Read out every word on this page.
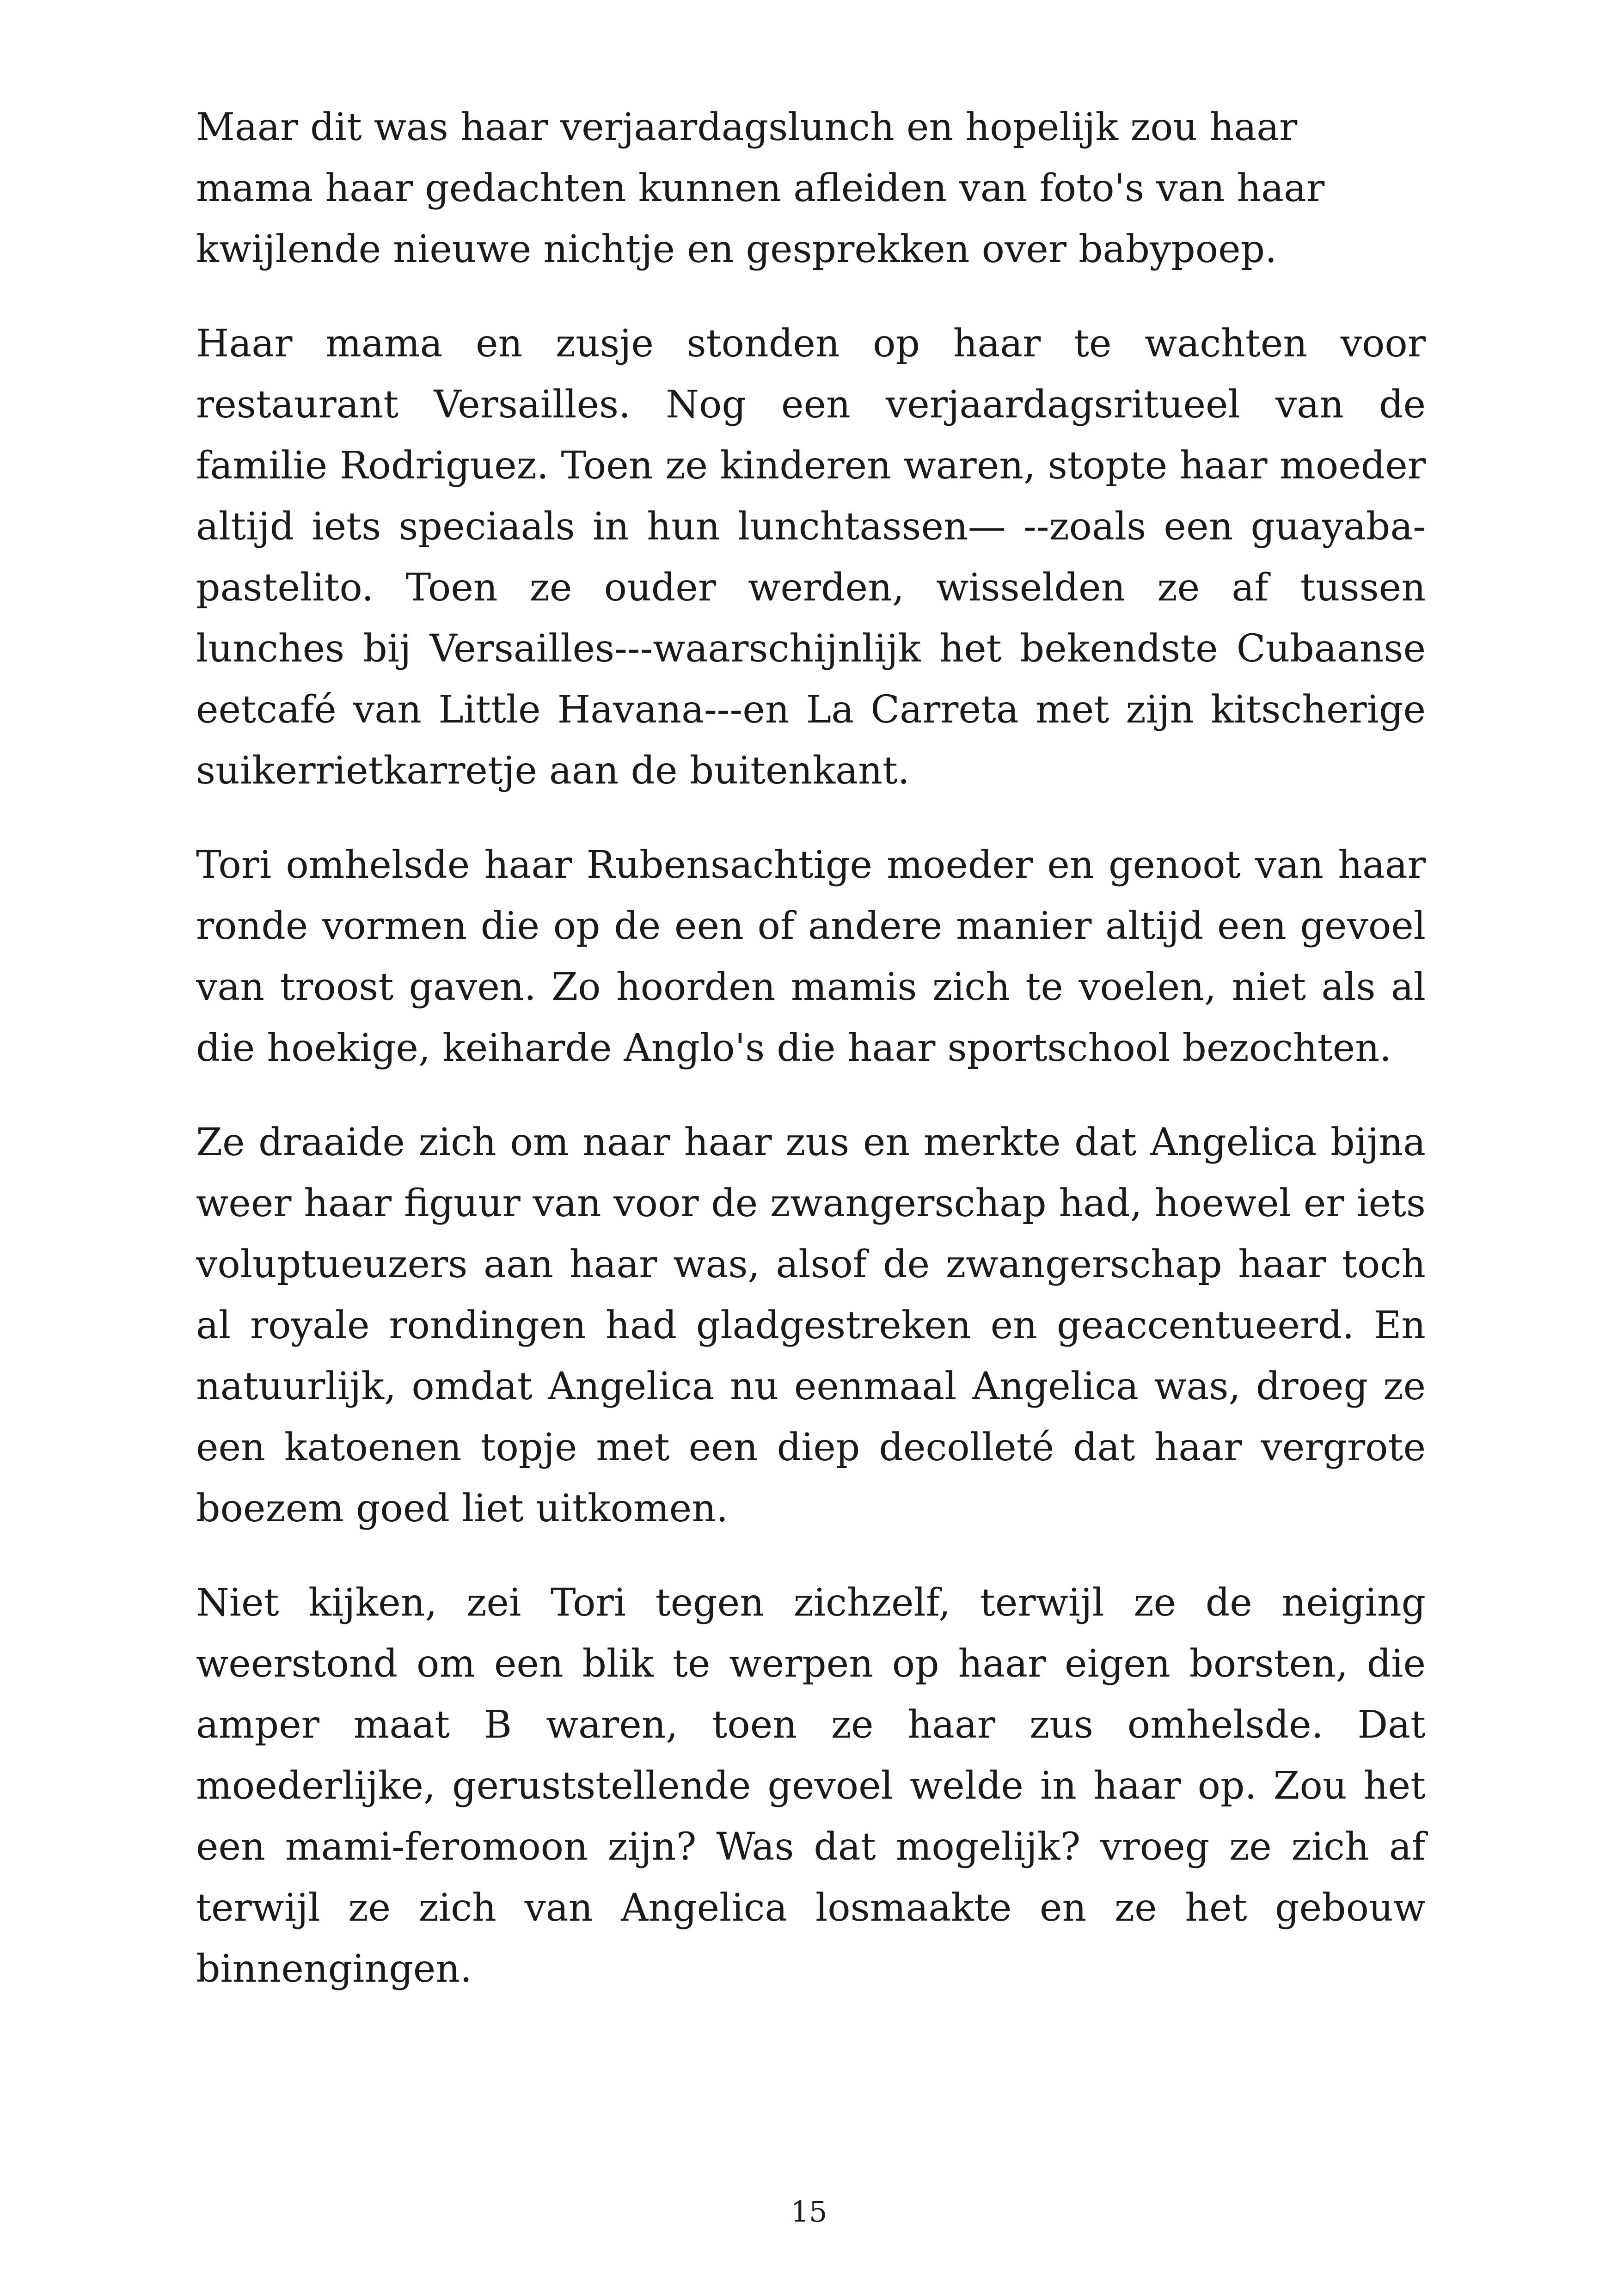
Maar dit was haar verjaardagslunch en hopelijk zou haar mama haar gedachten kunnen afleiden van foto's van haar kwijlende nieuwe nichtje en gesprekken over babypoep.

Haar mama en zusje stonden op haar te wachten voor restaurant Versailles. Nog een verjaardagsritueel van de familie Rodriguez. Toen ze kinderen waren, stopte haar moeder altijd iets speciaals in hun lunchtassen— --zoals een guayaba-pastelito. Toen ze ouder werden, wisselden ze af tussen lunches bij Versailles---waarschijnlijk het bekendste Cubaanse eetcafé van Little Havana---en La Carreta met zijn kitscherige suikerrietkarretje aan de buitenkant.

Tori omhelsde haar Rubensachtige moeder en genoot van haar ronde vormen die op de een of andere manier altijd een gevoel van troost gaven. Zo hoorden mamis zich te voelen, niet als al die hoekige, keiharde Anglo's die haar sportschool bezochten.

Ze draaide zich om naar haar zus en merkte dat Angelica bijna weer haar figuur van voor de zwangerschap had, hoewel er iets voluptueuzers aan haar was, alsof de zwangerschap haar toch al royale rondingen had gladgestreken en geaccentueerd. En natuurlijk, omdat Angelica nu eenmaal Angelica was, droeg ze een katoenen topje met een diep decolleté dat haar vergrote boezem goed liet uitkomen.

Niet kijken, zei Tori tegen zichzelf, terwijl ze de neiging weerstond om een blik te werpen op haar eigen borsten, die amper maat B waren, toen ze haar zus omhelsde. Dat moederlijke, geruststellende gevoel welde in haar op. Zou het een mami-feromoon zijn? Was dat mogelijk? vroeg ze zich af terwijl ze zich van Angelica losmaakte en ze het gebouw binnengingen.

15
